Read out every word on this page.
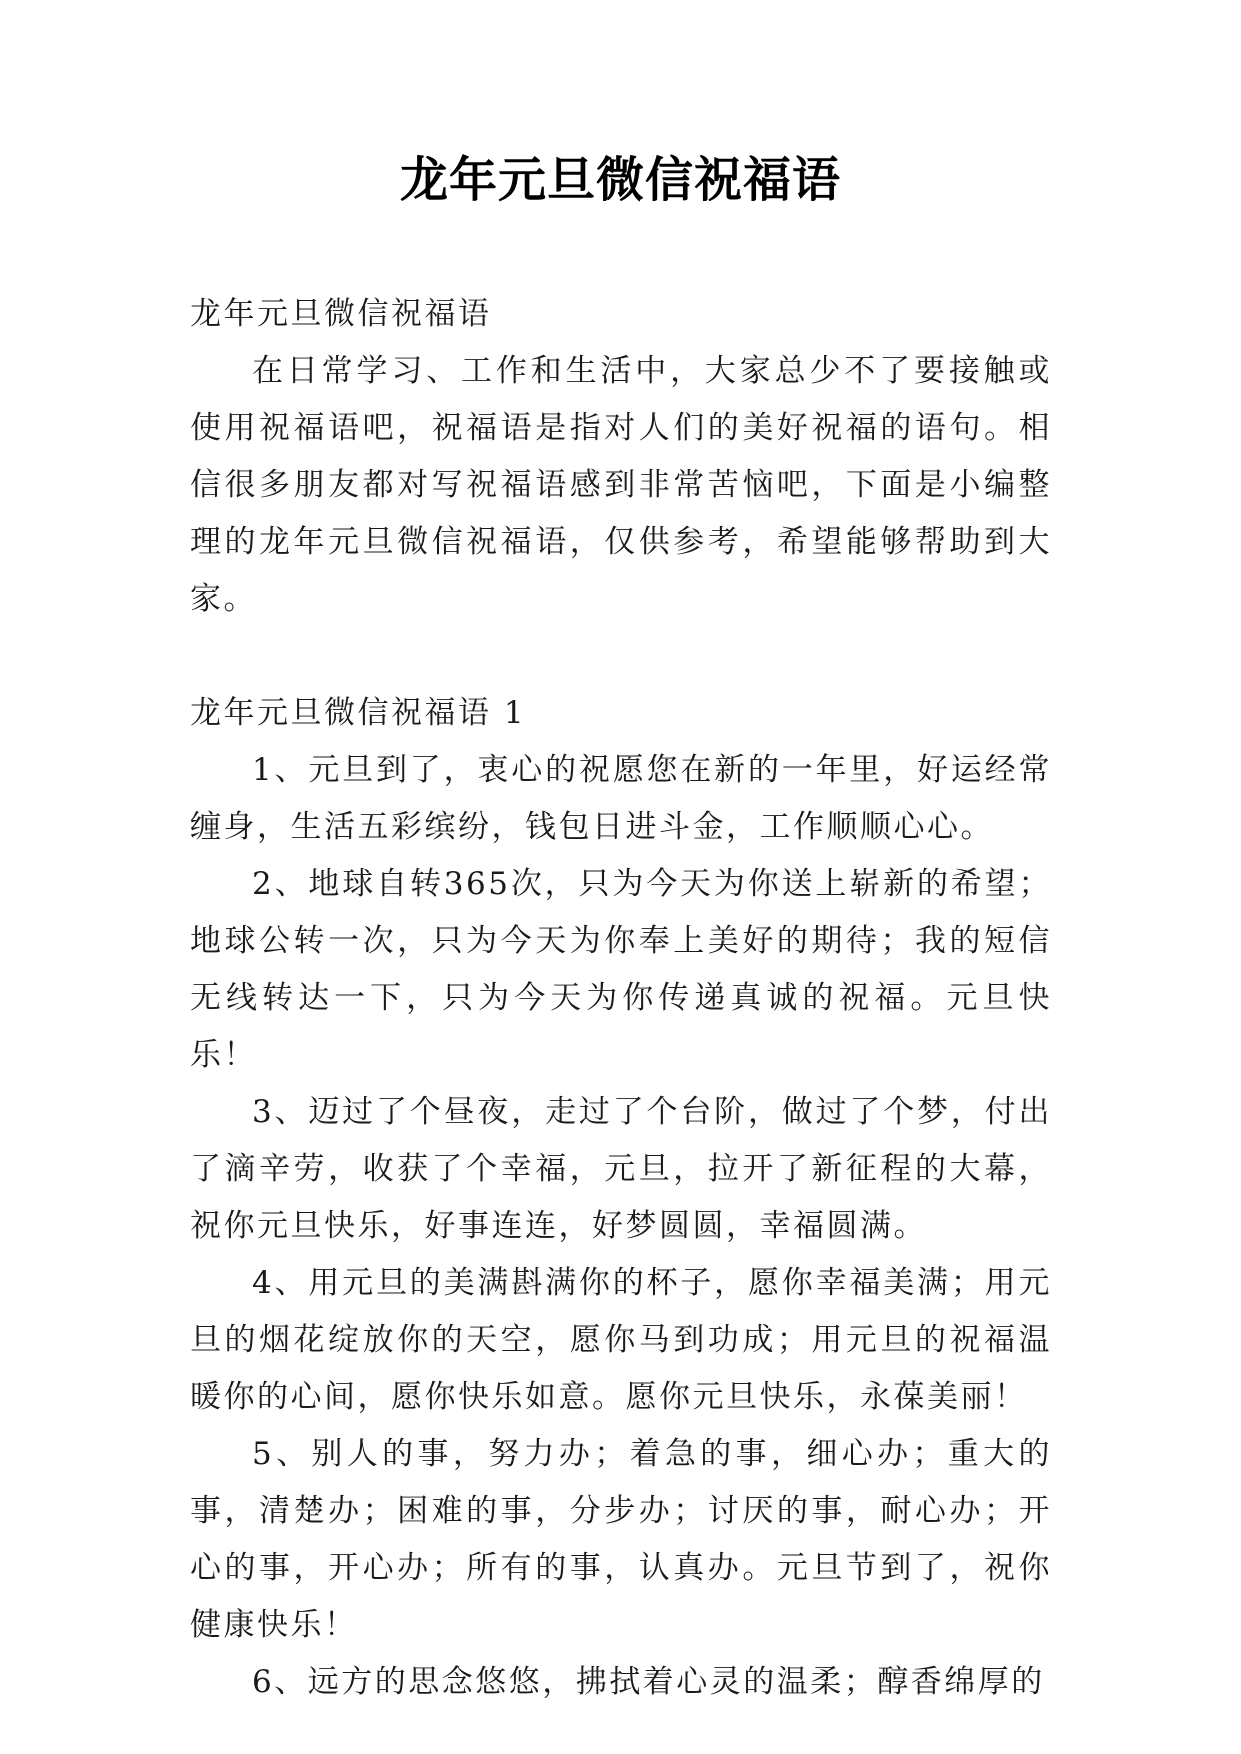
龙年元旦微信祝福语

龙年元旦微信祝福语

在日常学习、工作和生活中，大家总少不了要接触或使用祝福语吧，祝福语是指对人们的美好祝福的语句。相信很多朋友都对写祝福语感到非常苦恼吧，下面是小编整理的龙年元旦微信祝福语，仅供参考，希望能够帮助到大家。

龙年元旦微信祝福语 1

1、元旦到了，衷心的祝愿您在新的一年里，好运经常缠身，生活五彩缤纷，钱包日进斗金，工作顺顺心心。

2、地球自转365次，只为今天为你送上崭新的希望；地球公转一次，只为今天为你奉上美好的期待；我的短信无线转达一下，只为今天为你传递真诚的祝福。元旦快乐！

3、迈过了个昼夜，走过了个台阶，做过了个梦，付出了滴辛劳，收获了个幸福，元旦，拉开了新征程的大幕，祝你元旦快乐，好事连连，好梦圆圆，幸福圆满。

4、用元旦的美满斟满你的杯子，愿你幸福美满；用元旦的烟花绽放你的天空，愿你马到功成；用元旦的祝福温暖你的心间，愿你快乐如意。愿你元旦快乐，永葆美丽！

5、别人的事，努力办；着急的事，细心办；重大的事，清楚办；困难的事，分步办；讨厌的事，耐心办；开心的事，开心办；所有的事，认真办。元旦节到了，祝你健康快乐！

6、远方的思念悠悠，拂拭着心灵的温柔；醇香绵厚的
